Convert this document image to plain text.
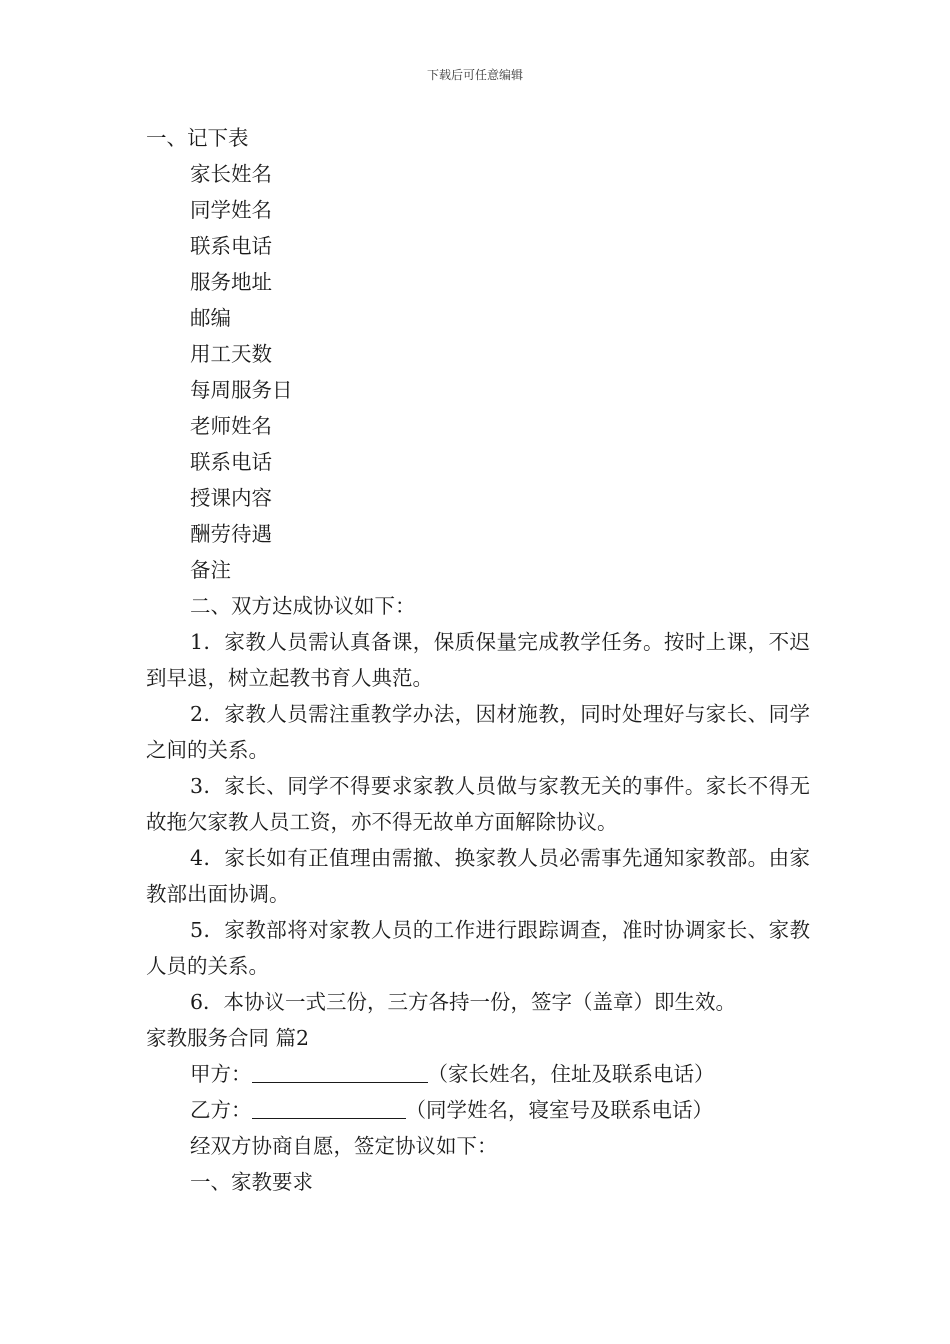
下载后可任意编辑
一、记下表
家长姓名
同学姓名
联系电话
服务地址
邮编
用工天数
每周服务日
老师姓名
联系电话
授课内容
酬劳待遇
备注
二、双方达成协议如下：
1．家教人员需认真备课，保质保量完成教学任务。按时上课，不迟到早退，树立起教书育人典范。
2．家教人员需注重教学办法，因材施教，同时处理好与家长、同学之间的关系。
3．家长、同学不得要求家教人员做与家教无关的事件。家长不得无故拖欠家教人员工资，亦不得无故单方面解除协议。
4．家长如有正值理由需撤、换家教人员必需事先通知家教部。由家教部出面协调。
5．家教部将对家教人员的工作进行跟踪调查，准时协调家长、家教人员的关系。
6．本协议一式三份，三方各持一份，签字（盖章）即生效。
家教服务合同 篇2
甲方：	（家长姓名，住址及联系电话）
乙方：	（同学姓名，寝室号及联系电话）
经双方协商自愿，签定协议如下：
一、家教要求
